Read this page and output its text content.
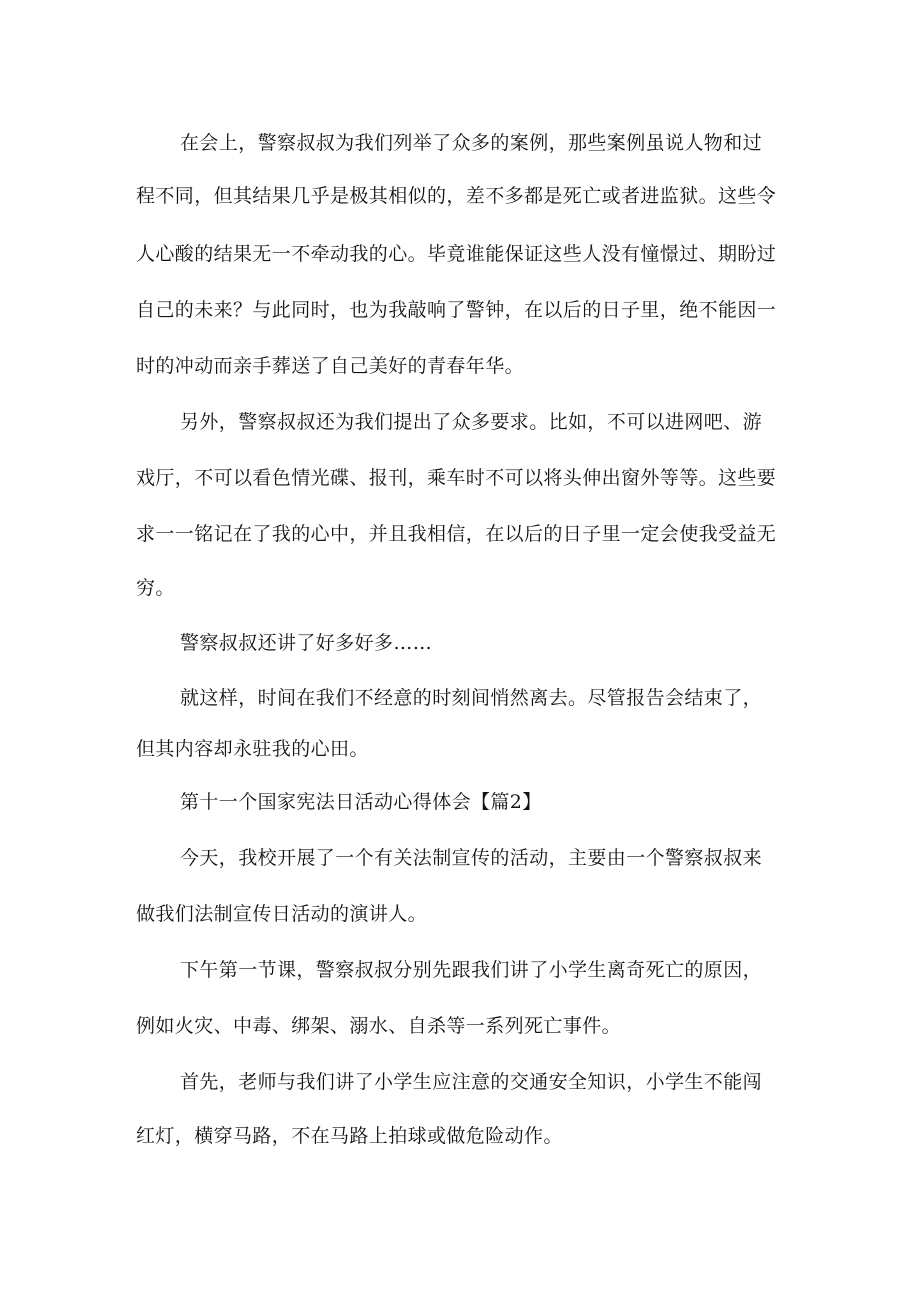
在会上，警察叔叔为我们列举了众多的案例，那些案例虽说人物和过
程不同，但其结果几乎是极其相似的，差不多都是死亡或者进监狱。这些令
人心酸的结果无一不牵动我的心。毕竟谁能保证这些人没有憧憬过、期盼过
自己的未来？与此同时，也为我敲响了警钟，在以后的日子里，绝不能因一
时的冲动而亲手葬送了自己美好的青春年华。
另外，警察叔叔还为我们提出了众多要求。比如，不可以进网吧、游
戏厅，不可以看色情光碟、报刊，乘车时不可以将头伸出窗外等等。这些要
求一一铭记在了我的心中，并且我相信，在以后的日子里一定会使我受益无
穷。
警察叔叔还讲了好多好多……
就这样，时间在我们不经意的时刻间悄然离去。尽管报告会结束了，
但其内容却永驻我的心田。
第十一个国家宪法日活动心得体会【篇2】
今天，我校开展了一个有关法制宣传的活动，主要由一个警察叔叔来
做我们法制宣传日活动的演讲人。
下午第一节课，警察叔叔分别先跟我们讲了小学生离奇死亡的原因，
例如火灾、中毒、绑架、溺水、自杀等一系列死亡事件。
首先，老师与我们讲了小学生应注意的交通安全知识，小学生不能闯
红灯，横穿马路，不在马路上拍球或做危险动作。
